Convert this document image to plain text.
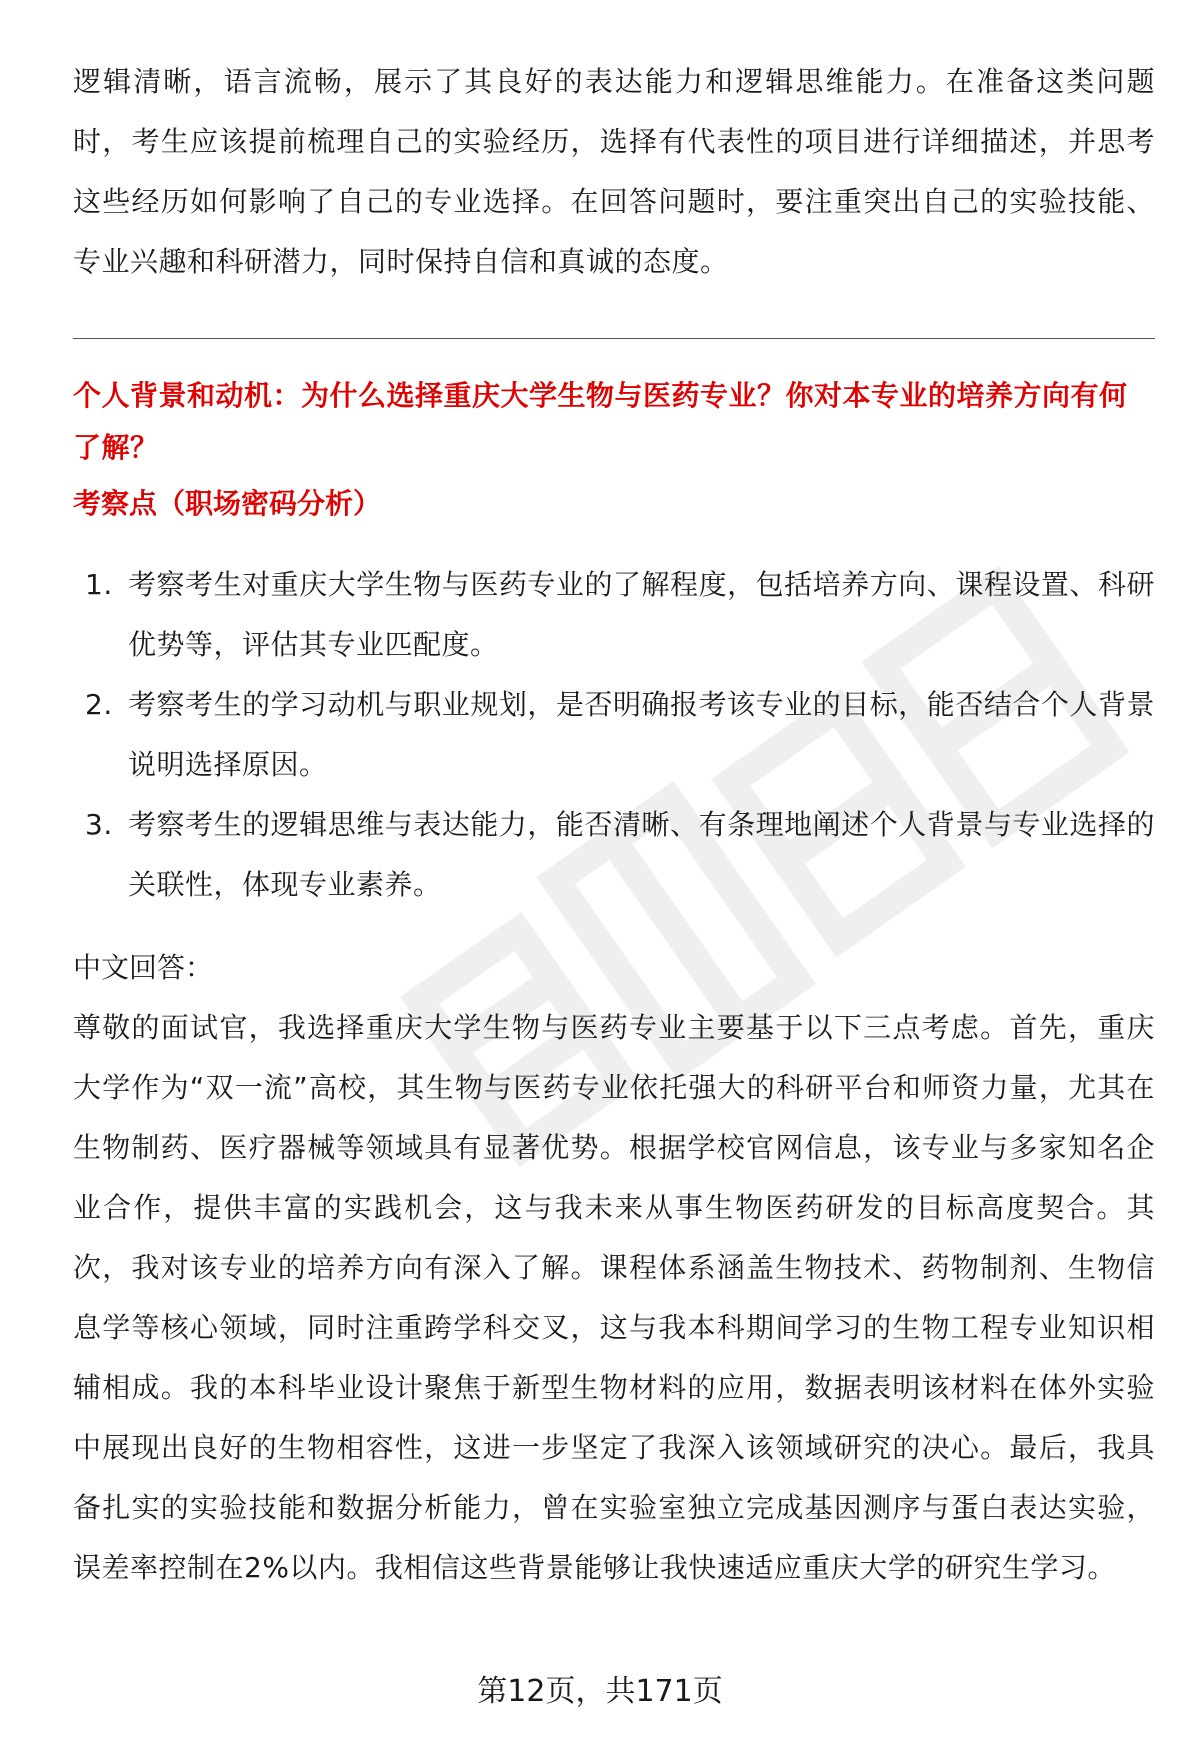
逻辑清晰，语言流畅，展示了其良好的表达能力和逻辑思维能力。在准备这类问题时，考生应该提前梳理自己的实验经历，选择有代表性的项目进行详细描述，并思考这些经历如何影响了自己的专业选择。在回答问题时，要注重突出自己的实验技能、专业兴趣和科研潜力，同时保持自信和真诚的态度。

个人背景和动机：为什么选择重庆大学生物与医药专业？你对本专业的培养方向有何了解？

考察点（职场密码分析）

1. 考察考生对重庆大学生物与医药专业的了解程度，包括培养方向、课程设置、科研优势等，评估其专业匹配度。
2. 考察考生的学习动机与职业规划，是否明确报考该专业的目标，能否结合个人背景说明选择原因。
3. 考察考生的逻辑思维与表达能力，能否清晰、有条理地阐述个人背景与专业选择的关联性，体现专业素养。

中文回答：

尊敬的面试官，我选择重庆大学生物与医药专业主要基于以下三点考虑。首先，重庆大学作为“双一流”高校，其生物与医药专业依托强大的科研平台和师资力量，尤其在生物制药、医疗器械等领域具有显著优势。根据学校官网信息，该专业与多家知名企业合作，提供丰富的实践机会，这与我未来从事生物医药研发的目标高度契合。其次，我对该专业的培养方向有深入了解。课程体系涵盖生物技术、药物制剂、生物信息学等核心领域，同时注重跨学科交叉，这与我本科期间学习的生物工程专业知识相辅相成。我的本科毕业设计聚焦于新型生物材料的应用，数据表明该材料在体外实验中展现出良好的生物相容性，这进一步坚定了我深入该领域研究的决心。最后，我具备扎实的实验技能和数据分析能力，曾在实验室独立完成基因测序与蛋白表达实验，误差率控制在2%以内。我相信这些背景能够让我快速适应重庆大学的研究生学习。

第12页，共171页
